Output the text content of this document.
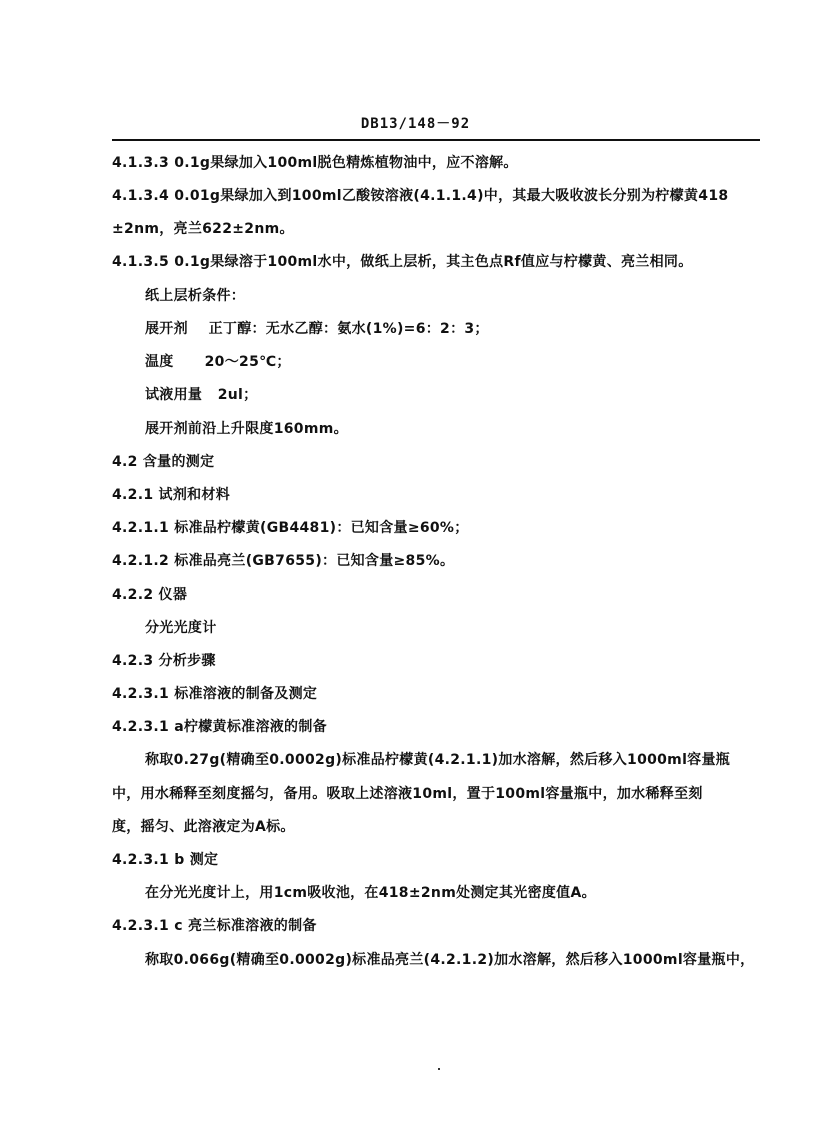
DB13/148－92
4.1.3.3 0.1g果绿加入100ml脱色精炼植物油中，应不溶解。
4.1.3.4 0.01g果绿加入到100ml乙酸铵溶液(4.1.1.4)中，其最大吸收波长分别为柠檬黄418
±2nm，亮兰622±2nm。
4.1.3.5 0.1g果绿溶于100ml水中，做纸上层析，其主色点Rf值应与柠檬黄、亮兰相同。
纸上层析条件：
展开剂    正丁醇：无水乙醇：氨水(1%)=6：2：3；
温度      20～25℃；
试液用量   2ul；
展开剂前沿上升限度160mm。
4.2 含量的测定
4.2.1 试剂和材料
4.2.1.1 标准品柠檬黄(GB4481)：已知含量≥60%；
4.2.1.2 标准品亮兰(GB7655)：已知含量≥85%。
4.2.2 仪器
分光光度计
4.2.3 分析步骤
4.2.3.1 标准溶液的制备及测定
4.2.3.1 a柠檬黄标准溶液的制备
称取0.27g(精确至0.0002g)标准品柠檬黄(4.2.1.1)加水溶解，然后移入1000ml容量瓶
中，用水稀释至刻度摇匀，备用。吸取上述溶液10ml，置于100ml容量瓶中，加水稀释至刻
度，摇匀、此溶液定为A标。
4.2.3.1 b 测定
在分光光度计上，用1cm吸收池，在418±2nm处测定其光密度值A。
4.2.3.1 c 亮兰标准溶液的制备
称取0.066g(精确至0.0002g)标准品亮兰(4.2.1.2)加水溶解，然后移入1000ml容量瓶中，
